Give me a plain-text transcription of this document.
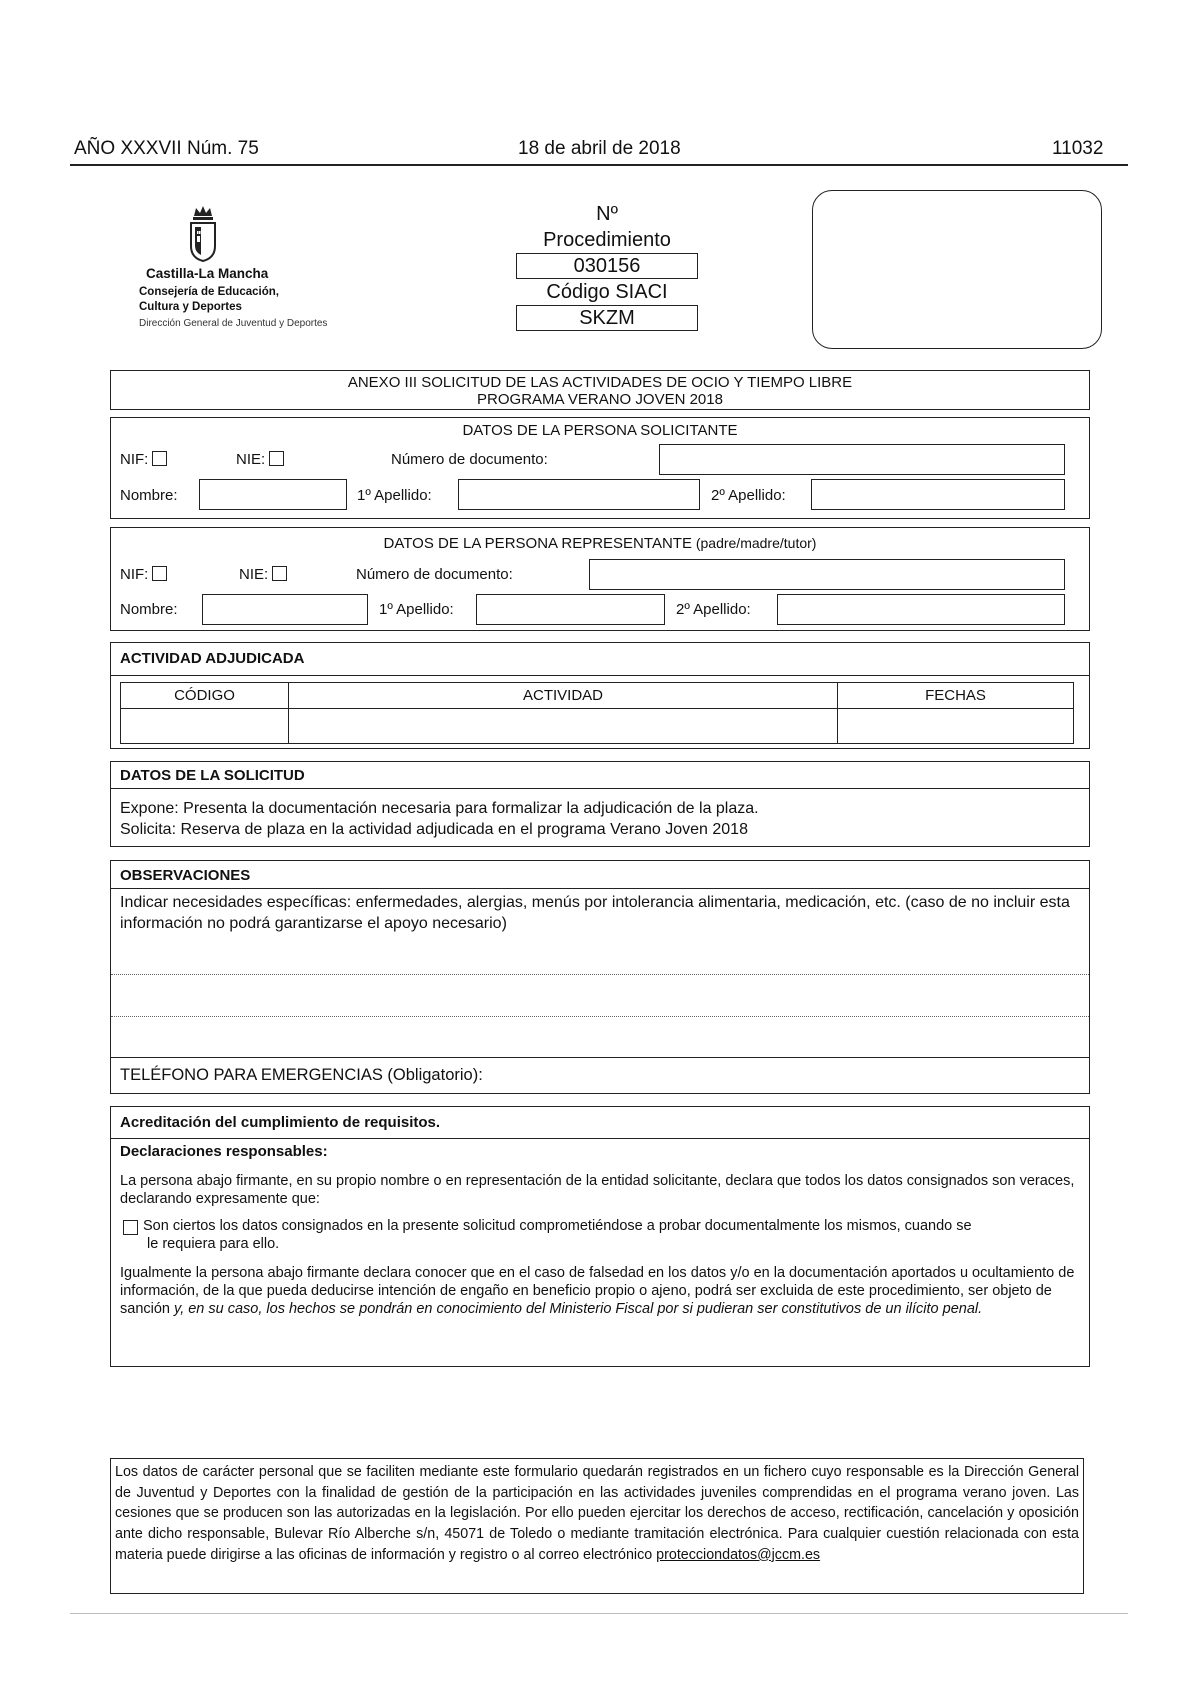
AÑO XXXVII Núm. 75	18 de abril de 2018	11032
Castilla-La Mancha
Consejería de Educación,
Cultura y Deportes
Dirección General de Juventud y Deportes
Nº
Procedimiento
030156
Código SIACI
SKZM
ANEXO III SOLICITUD DE LAS ACTIVIDADES DE OCIO Y TIEMPO LIBRE
PROGRAMA VERANO JOVEN 2018
DATOS DE LA PERSONA SOLICITANTE
NIF:	NIE:	Número de documento:
Nombre:	1º Apellido:	2º Apellido:
DATOS DE LA PERSONA REPRESENTANTE (padre/madre/tutor)
NIF:	NIE:	Número de documento:
Nombre:	1º Apellido:	2º Apellido:
ACTIVIDAD ADJUDICADA
CÓDIGO	ACTIVIDAD	FECHAS

DATOS DE LA SOLICITUD
Expone: Presenta la documentación necesaria para formalizar la adjudicación de la plaza.
Solicita: Reserva de plaza en la actividad adjudicada en el programa Verano Joven 2018
OBSERVACIONES
Indicar necesidades específicas: enfermedades, alergias, menús por intolerancia alimentaria, medicación, etc. (caso de no incluir esta información no podrá garantizarse el apoyo necesario)
TELÉFONO PARA EMERGENCIAS (Obligatorio):
Acreditación del cumplimiento de requisitos.
Declaraciones responsables:
La persona abajo firmante, en su propio nombre o en representación de la entidad solicitante, declara que todos los datos consignados son veraces, declarando expresamente que:
Son ciertos los datos consignados en la presente solicitud comprometiéndose a probar documentalmente los mismos, cuando se
le requiera para ello.
Igualmente la persona abajo firmante declara conocer que en el caso de falsedad en los datos y/o en la documentación aportados u ocultamiento de información, de la que pueda deducirse intención de engaño en beneficio propio o ajeno, podrá ser excluida de este procedimiento, ser objeto de sanción y, en su caso, los hechos se pondrán en conocimiento del Ministerio Fiscal por si pudieran ser constitutivos de un ilícito penal.
Los datos de carácter personal que se faciliten mediante este formulario quedarán registrados en un fichero cuyo responsable es la Dirección General de Juventud y Deportes con la finalidad de gestión de la participación en las actividades juveniles comprendidas en el programa verano joven. Las cesiones que se producen son las autorizadas en la legislación. Por ello pueden ejercitar los derechos de acceso, rectificación, cancelación y oposición ante dicho responsable, Bulevar Río Alberche s/n, 45071 de Toledo o mediante tramitación electrónica. Para cualquier cuestión relacionada con esta materia puede dirigirse a las oficinas de información y registro o al correo electrónico protecciondatos@jccm.es
